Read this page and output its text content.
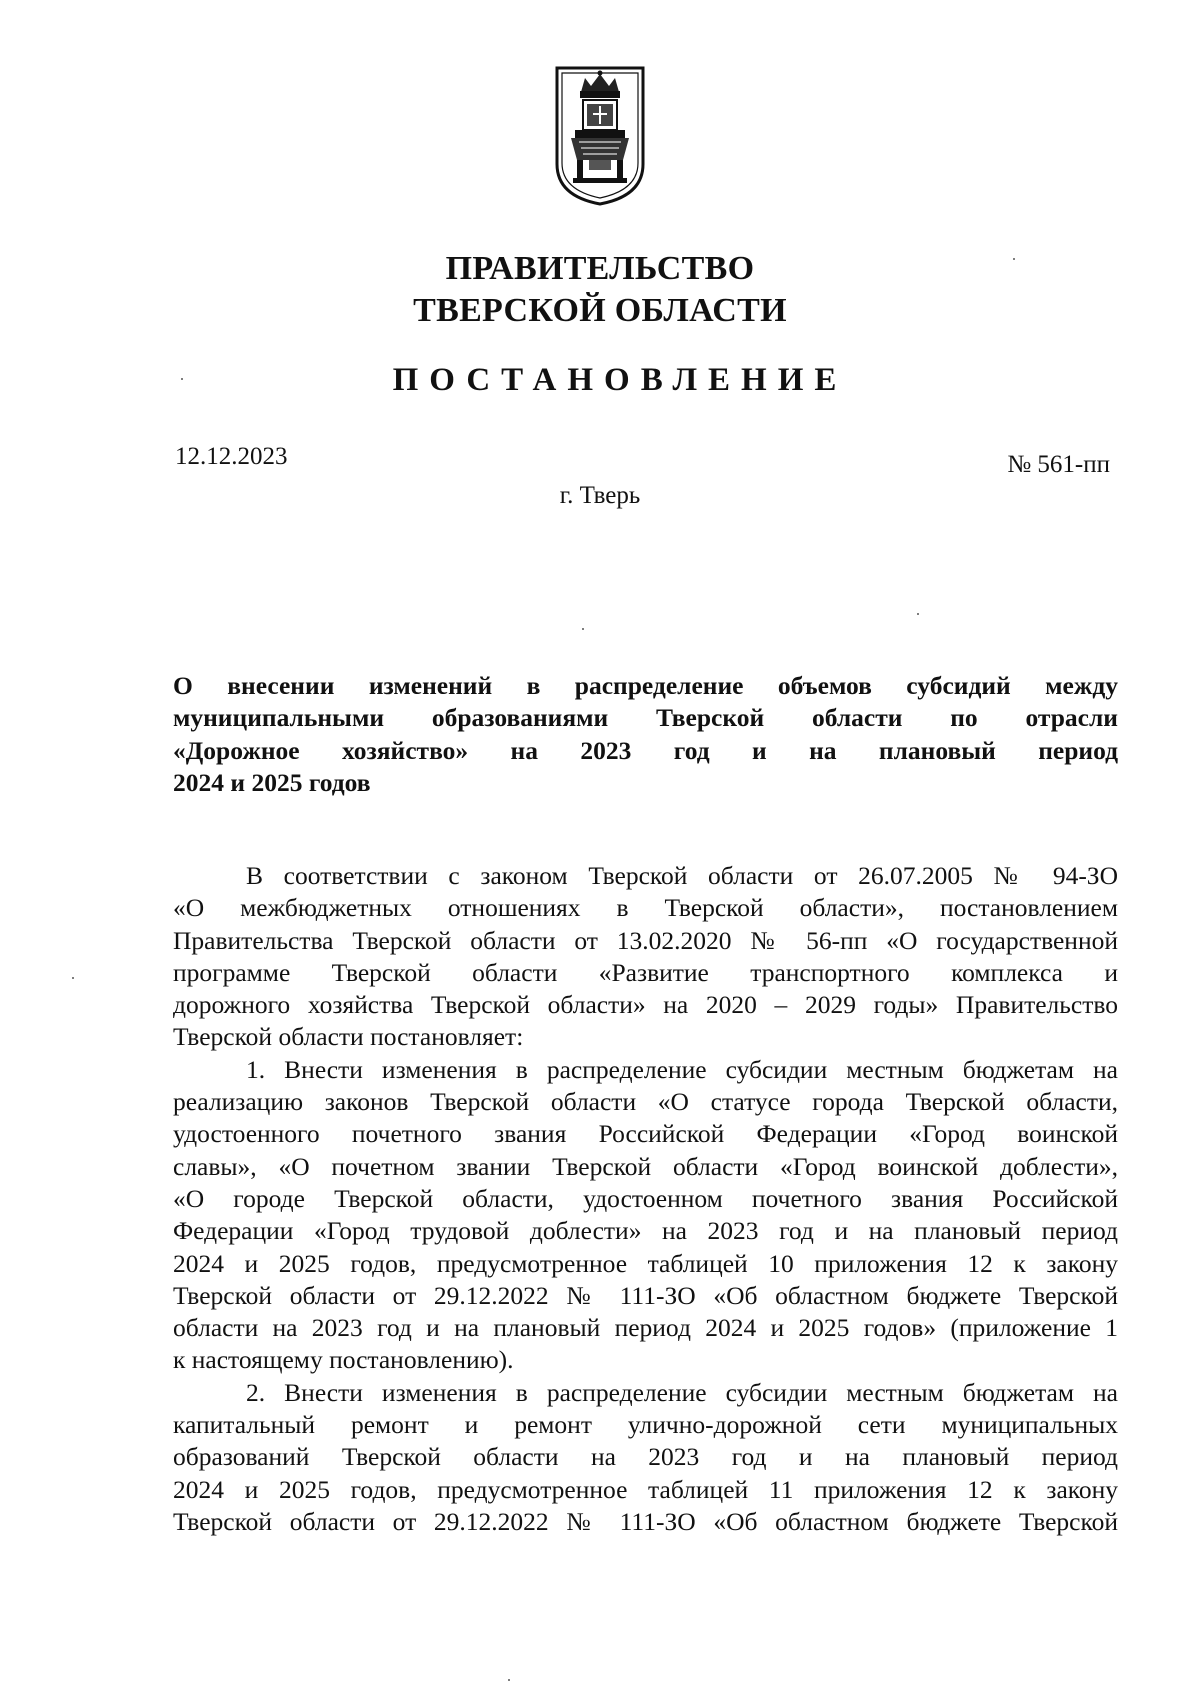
ПРАВИТЕЛЬСТВО
ТВЕРСКОЙ ОБЛАСТИ
ПОСТАНОВЛЕНИЕ
12.12.2023	№ 561-пп
г. Тверь
О внесении изменений в распределение объемов субсидий между
муниципальными образованиями Тверской области по отрасли
«Дорожное хозяйство» на 2023 год и на плановый период
2024 и 2025 годов
В соответствии с законом Тверской области от 26.07.2005 № 94-ЗО
«О межбюджетных отношениях в Тверской области», постановлением
Правительства Тверской области от 13.02.2020 № 56-пп «О государственной
программе Тверской области «Развитие транспортного комплекса и
дорожного хозяйства Тверской области» на 2020 – 2029 годы» Правительство
Тверской области постановляет:
1. Внести изменения в распределение субсидии местным бюджетам на
реализацию законов Тверской области «О статусе города Тверской области,
удостоенного почетного звания Российской Федерации «Город воинской
славы», «О почетном звании Тверской области «Город воинской доблести»,
«О городе Тверской области, удостоенном почетного звания Российской
Федерации «Город трудовой доблести» на 2023 год и на плановый период
2024 и 2025 годов, предусмотренное таблицей 10 приложения 12 к закону
Тверской области от 29.12.2022 № 111-ЗО «Об областном бюджете Тверской
области на 2023 год и на плановый период 2024 и 2025 годов» (приложение 1
к настоящему постановлению).
2. Внести изменения в распределение субсидии местным бюджетам на
капитальный ремонт и ремонт улично-дорожной сети муниципальных
образований Тверской области на 2023 год и на плановый период
2024 и 2025 годов, предусмотренное таблицей 11 приложения 12 к закону
Тверской области от 29.12.2022 № 111-ЗО «Об областном бюджете Тверской
